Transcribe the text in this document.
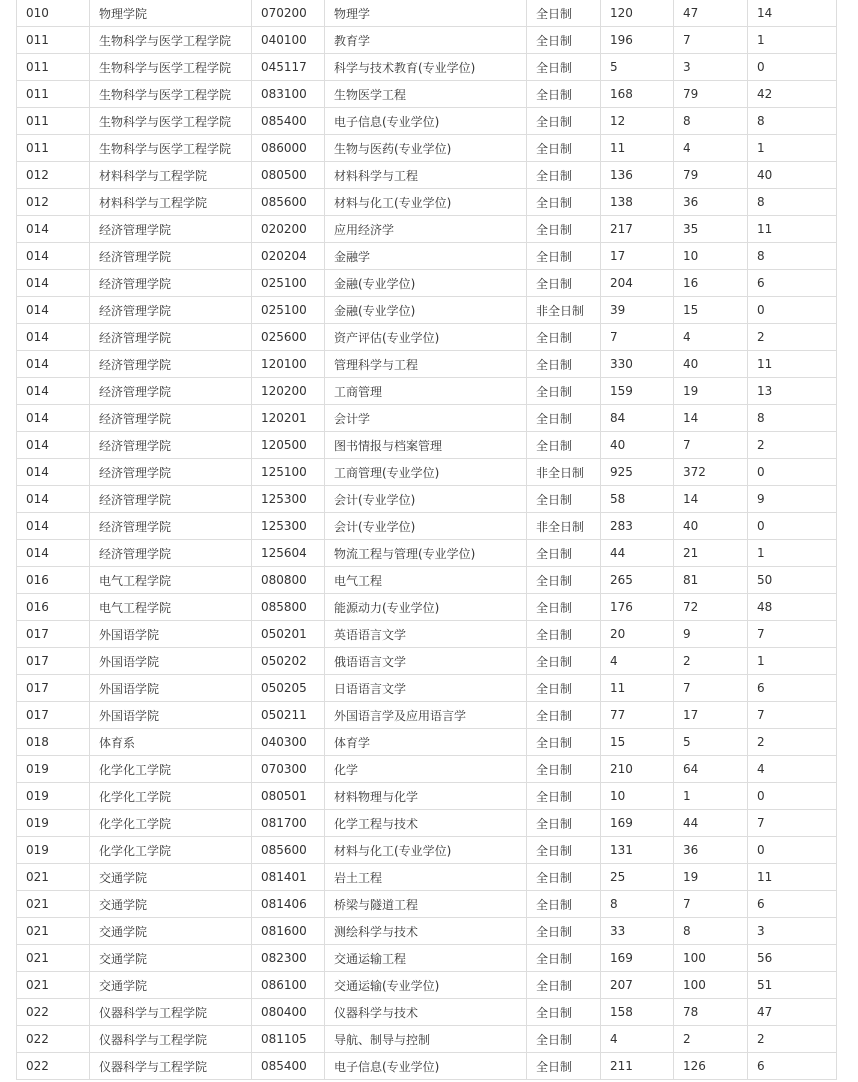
010	物理学院	070200	物理学	全日制	120	47	14
011	生物科学与医学工程学院	040100	教育学	全日制	196	7	1
011	生物科学与医学工程学院	045117	科学与技术教育(专业学位)	全日制	5	3	0
011	生物科学与医学工程学院	083100	生物医学工程	全日制	168	79	42
011	生物科学与医学工程学院	085400	电子信息(专业学位)	全日制	12	8	8
011	生物科学与医学工程学院	086000	生物与医药(专业学位)	全日制	11	4	1
012	材料科学与工程学院	080500	材料科学与工程	全日制	136	79	40
012	材料科学与工程学院	085600	材料与化工(专业学位)	全日制	138	36	8
014	经济管理学院	020200	应用经济学	全日制	217	35	11
014	经济管理学院	020204	金融学	全日制	17	10	8
014	经济管理学院	025100	金融(专业学位)	全日制	204	16	6
014	经济管理学院	025100	金融(专业学位)	非全日制	39	15	0
014	经济管理学院	025600	资产评估(专业学位)	全日制	7	4	2
014	经济管理学院	120100	管理科学与工程	全日制	330	40	11
014	经济管理学院	120200	工商管理	全日制	159	19	13
014	经济管理学院	120201	会计学	全日制	84	14	8
014	经济管理学院	120500	图书情报与档案管理	全日制	40	7	2
014	经济管理学院	125100	工商管理(专业学位)	非全日制	925	372	0
014	经济管理学院	125300	会计(专业学位)	全日制	58	14	9
014	经济管理学院	125300	会计(专业学位)	非全日制	283	40	0
014	经济管理学院	125604	物流工程与管理(专业学位)	全日制	44	21	1
016	电气工程学院	080800	电气工程	全日制	265	81	50
016	电气工程学院	085800	能源动力(专业学位)	全日制	176	72	48
017	外国语学院	050201	英语语言文学	全日制	20	9	7
017	外国语学院	050202	俄语语言文学	全日制	4	2	1
017	外国语学院	050205	日语语言文学	全日制	11	7	6
017	外国语学院	050211	外国语言学及应用语言学	全日制	77	17	7
018	体育系	040300	体育学	全日制	15	5	2
019	化学化工学院	070300	化学	全日制	210	64	4
019	化学化工学院	080501	材料物理与化学	全日制	10	1	0
019	化学化工学院	081700	化学工程与技术	全日制	169	44	7
019	化学化工学院	085600	材料与化工(专业学位)	全日制	131	36	0
021	交通学院	081401	岩土工程	全日制	25	19	11
021	交通学院	081406	桥梁与隧道工程	全日制	8	7	6
021	交通学院	081600	测绘科学与技术	全日制	33	8	3
021	交通学院	082300	交通运输工程	全日制	169	100	56
021	交通学院	086100	交通运输(专业学位)	全日制	207	100	51
022	仪器科学与工程学院	080400	仪器科学与技术	全日制	158	78	47
022	仪器科学与工程学院	081105	导航、制导与控制	全日制	4	2	2
022	仪器科学与工程学院	085400	电子信息(专业学位)	全日制	211	126	6
